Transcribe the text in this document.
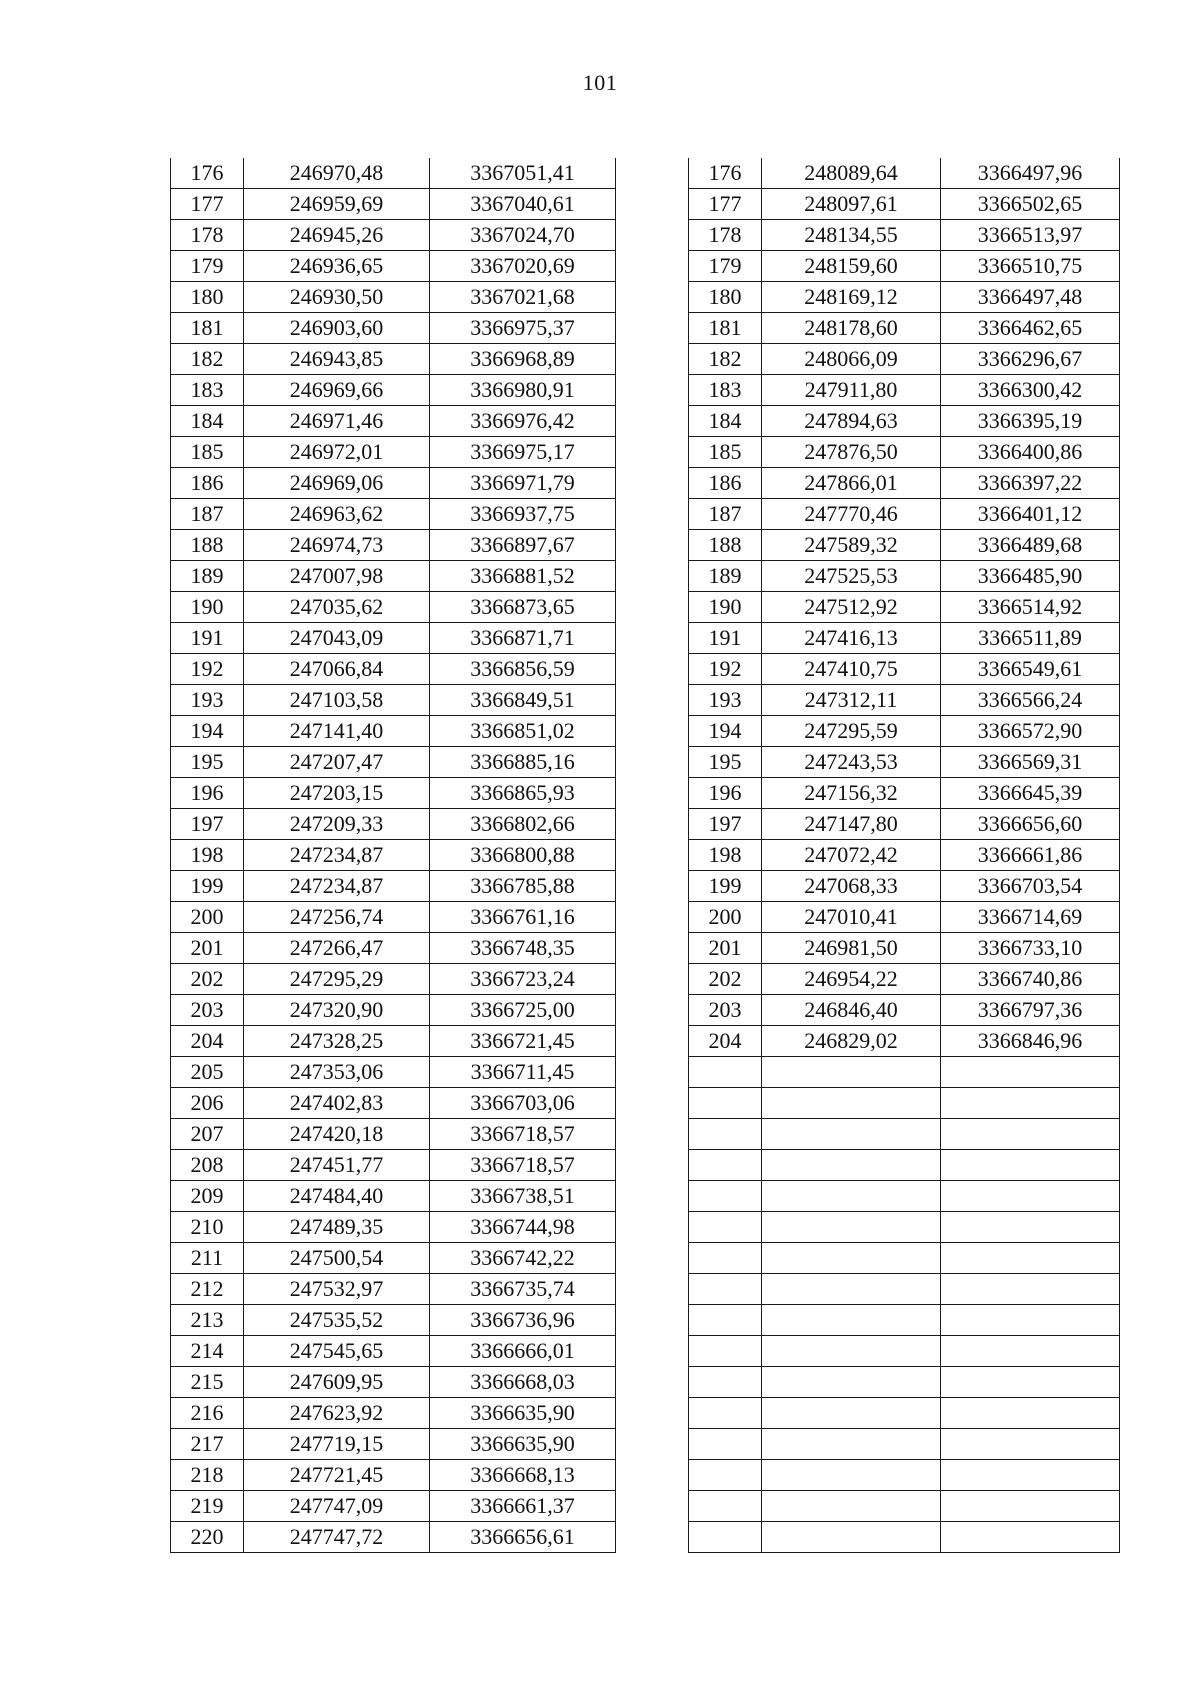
101
176	246970,48	3367051,41
177	246959,69	3367040,61
178	246945,26	3367024,70
179	246936,65	3367020,69
180	246930,50	3367021,68
181	246903,60	3366975,37
182	246943,85	3366968,89
183	246969,66	3366980,91
184	246971,46	3366976,42
185	246972,01	3366975,17
186	246969,06	3366971,79
187	246963,62	3366937,75
188	246974,73	3366897,67
189	247007,98	3366881,52
190	247035,62	3366873,65
191	247043,09	3366871,71
192	247066,84	3366856,59
193	247103,58	3366849,51
194	247141,40	3366851,02
195	247207,47	3366885,16
196	247203,15	3366865,93
197	247209,33	3366802,66
198	247234,87	3366800,88
199	247234,87	3366785,88
200	247256,74	3366761,16
201	247266,47	3366748,35
202	247295,29	3366723,24
203	247320,90	3366725,00
204	247328,25	3366721,45
205	247353,06	3366711,45
206	247402,83	3366703,06
207	247420,18	3366718,57
208	247451,77	3366718,57
209	247484,40	3366738,51
210	247489,35	3366744,98
211	247500,54	3366742,22
212	247532,97	3366735,74
213	247535,52	3366736,96
214	247545,65	3366666,01
215	247609,95	3366668,03
216	247623,92	3366635,90
217	247719,15	3366635,90
218	247721,45	3366668,13
219	247747,09	3366661,37
220	247747,72	3366656,61
176	248089,64	3366497,96
177	248097,61	3366502,65
178	248134,55	3366513,97
179	248159,60	3366510,75
180	248169,12	3366497,48
181	248178,60	3366462,65
182	248066,09	3366296,67
183	247911,80	3366300,42
184	247894,63	3366395,19
185	247876,50	3366400,86
186	247866,01	3366397,22
187	247770,46	3366401,12
188	247589,32	3366489,68
189	247525,53	3366485,90
190	247512,92	3366514,92
191	247416,13	3366511,89
192	247410,75	3366549,61
193	247312,11	3366566,24
194	247295,59	3366572,90
195	247243,53	3366569,31
196	247156,32	3366645,39
197	247147,80	3366656,60
198	247072,42	3366661,86
199	247068,33	3366703,54
200	247010,41	3366714,69
201	246981,50	3366733,10
202	246954,22	3366740,86
203	246846,40	3366797,36
204	246829,02	3366846,96
